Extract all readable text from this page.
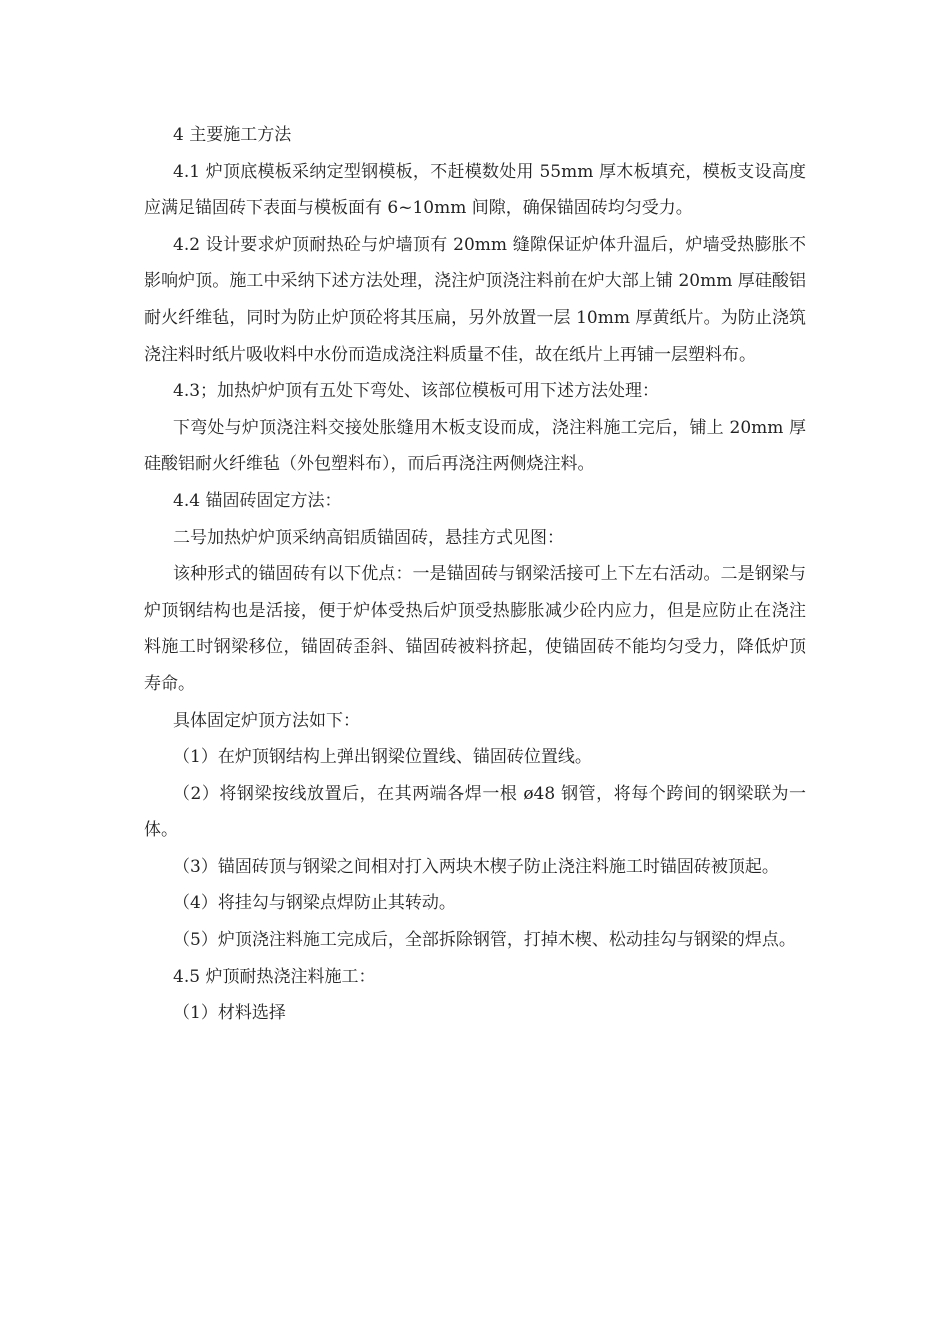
4 主要施工方法

4.1 炉顶底模板采纳定型钢模板，不赶模数处用 55mm 厚木板填充，模板支设高度应满足锚固砖下表面与模板面有 6~10mm 间隙，确保锚固砖均匀受力。

4.2 设计要求炉顶耐热砼与炉墙顶有 20mm 缝隙保证炉体升温后，炉墙受热膨胀不影响炉顶。施工中采纳下述方法处理，浇注炉顶浇注料前在炉大部上铺 20mm 厚硅酸铝耐火纤维毡，同时为防止炉顶砼将其压扁，另外放置一层 10mm 厚黄纸片。为防止浇筑浇注料时纸片吸收料中水份而造成浇注料质量不佳，故在纸片上再铺一层塑料布。

4.3；加热炉炉顶有五处下弯处、该部位模板可用下述方法处理：

下弯处与炉顶浇注料交接处胀缝用木板支设而成，浇注料施工完后，铺上 20mm 厚硅酸铝耐火纤维毡（外包塑料布），而后再浇注两侧烧注料。

4.4 锚固砖固定方法：

二号加热炉炉顶采纳高铝质锚固砖，悬挂方式见图：

该种形式的锚固砖有以下优点：一是锚固砖与钢梁活接可上下左右活动。二是钢梁与炉顶钢结构也是活接，便于炉体受热后炉顶受热膨胀减少砼内应力，但是应防止在浇注料施工时钢梁移位，锚固砖歪斜、锚固砖被料挤起，使锚固砖不能均匀受力，降低炉顶寿命。

具体固定炉顶方法如下：

（1）在炉顶钢结构上弹出钢梁位置线、锚固砖位置线。

（2）将钢梁按线放置后，在其两端各焊一根 ø48 钢管，将每个跨间的钢梁联为一体。

（3）锚固砖顶与钢梁之间相对打入两块木楔子防止浇注料施工时锚固砖被顶起。

（4）将挂勾与钢梁点焊防止其转动。

（5）炉顶浇注料施工完成后，全部拆除钢管，打掉木楔、松动挂勾与钢梁的焊点。

4.5 炉顶耐热浇注料施工：

（1）材料选择
